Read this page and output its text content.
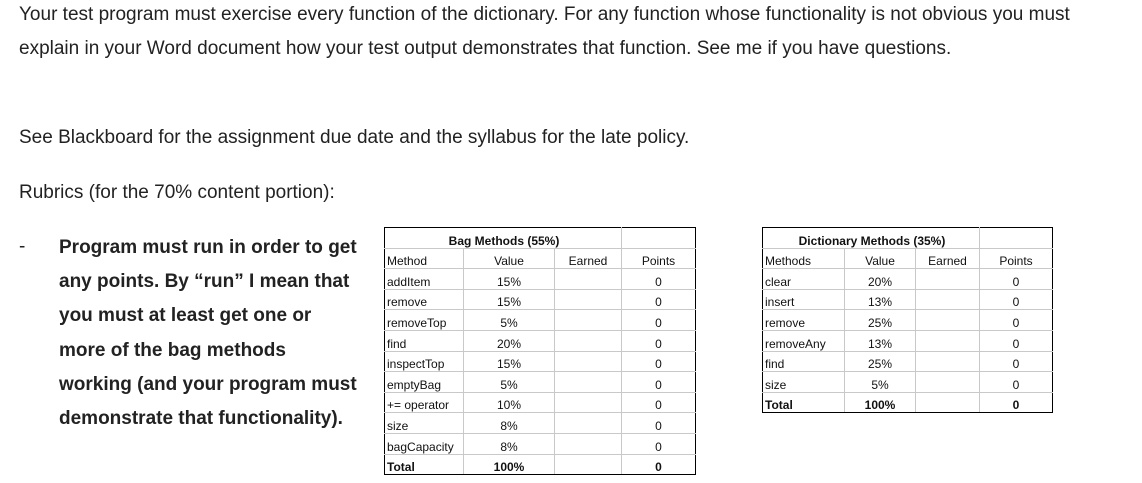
Your test program must exercise every function of the dictionary. For any function whose functionality is not obvious you must explain in your Word document how your test output demonstrates that function. See me if you have questions.

See Blackboard for the assignment due date and the syllabus for the late policy.

Rubrics (for the 70% content portion):

- Program must run in order to get any points. By “run” I mean that you must at least get one or more of the bag methods working (and your program must demonstrate that functionality).

Bag Methods (55%)			
Method	Value	Earned	Points
addItem	15%		0
remove	15%		0
removeTop	5%		0
find	20%		0
inspectTop	15%		0
emptyBag	5%		0
+= operator	10%		0
size	8%		0
bagCapacity	8%		0
Total	100%		0
Dictionary Methods (35%)			
Methods	Value	Earned	Points
clear	20%		0
insert	13%		0
remove	25%		0
removeAny	13%		0
find	25%		0
size	5%		0
Total	100%		0
